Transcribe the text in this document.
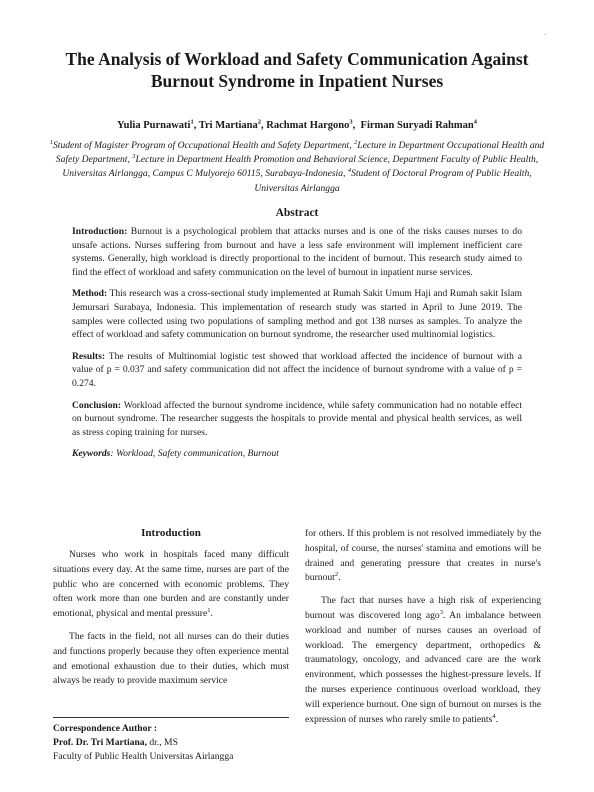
.
The Analysis of Workload and Safety Communication Against Burnout Syndrome in Inpatient Nurses
Yulia Purnawati$^1$, Tri Martiana$^2$, Rachmat Hargono$^3$,  Firman Suryadi Rahman$^4$
$^1$Student of Magister Program of Occupational Health and Safety Department, $^2$Lecture in Department Occupational Health and Safety Department, $^3$Lecture in Department Health Promotion and Behavioral Science, Department Faculty of Public Health, Universitas Airlangga, Campus C Mulyorejo 60115, Surabaya-Indonesia, $^4$Student of Doctoral Program of Public Health, Universitas Airlangga
Abstract

Introduction: Burnout is a psychological problem that attacks nurses and is one of the risks causes nurses to do unsafe actions. Nurses suffering from burnout and have a less safe environment will implement inefficient care systems. Generally, high workload is directly proportional to the incident of burnout. This research study aimed to find the effect of workload and safety communication on the level of burnout in inpatient nurse services.

Method: This research was a cross-sectional study implemented at Rumah Sakit Umum Haji and Rumah sakit Islam Jemursari Surabaya, Indonesia. This implementation of research study was started in April to June 2019. The samples were collected using two populations of sampling method and got 138 nurses as samples. To analyze the effect of workload and safety communication on burnout syndrome, the researcher used multinomial logistics.

Results: The results of Multinomial logistic test showed that workload affected the incidence of burnout with a value of p = 0.037 and safety communication did not affect the incidence of burnout syndrome with a value of p = 0.274.

Conclusion: Workload affected the burnout syndrome incidence, while safety communication had no notable effect on burnout syndrome. The researcher suggests the hospitals to provide mental and physical health services, as well as stress coping training for nurses.

Keywords: Workload, Safety communication, Burnout

Introduction

Nurses who work in hospitals faced many difficult situations every day. At the same time, nurses are part of the public who are concerned with economic problems. They often work more than one burden and are constantly under emotional, physical and mental pressure$^1$.

The facts in the field, not all nurses can do their duties and functions properly because they often experience mental and emotional exhaustion due to their duties, which must always be ready to provide maximum service

for others. If this problem is not resolved immediately by the hospital, of course, the nurses' stamina and emotions will be drained and generating pressure that creates in nurse's burnout$^2$.

The fact that nurses have a high risk of experiencing burnout was discovered long ago$^3$. An imbalance between workload and number of nurses causes an overload of workload. The emergency department, orthopedics & traumatology, oncology, and advanced care are the work environment, which possesses the highest-pressure levels. If the nurses experience continuous overload workload, they will experience burnout. One sign of burnout on nurses is the expression of nurses who rarely smile to patients$^4$.

Correspondence Author :
Prof. Dr. Tri Martiana, dr., MS
Faculty of Public Health Universitas Airlangga
